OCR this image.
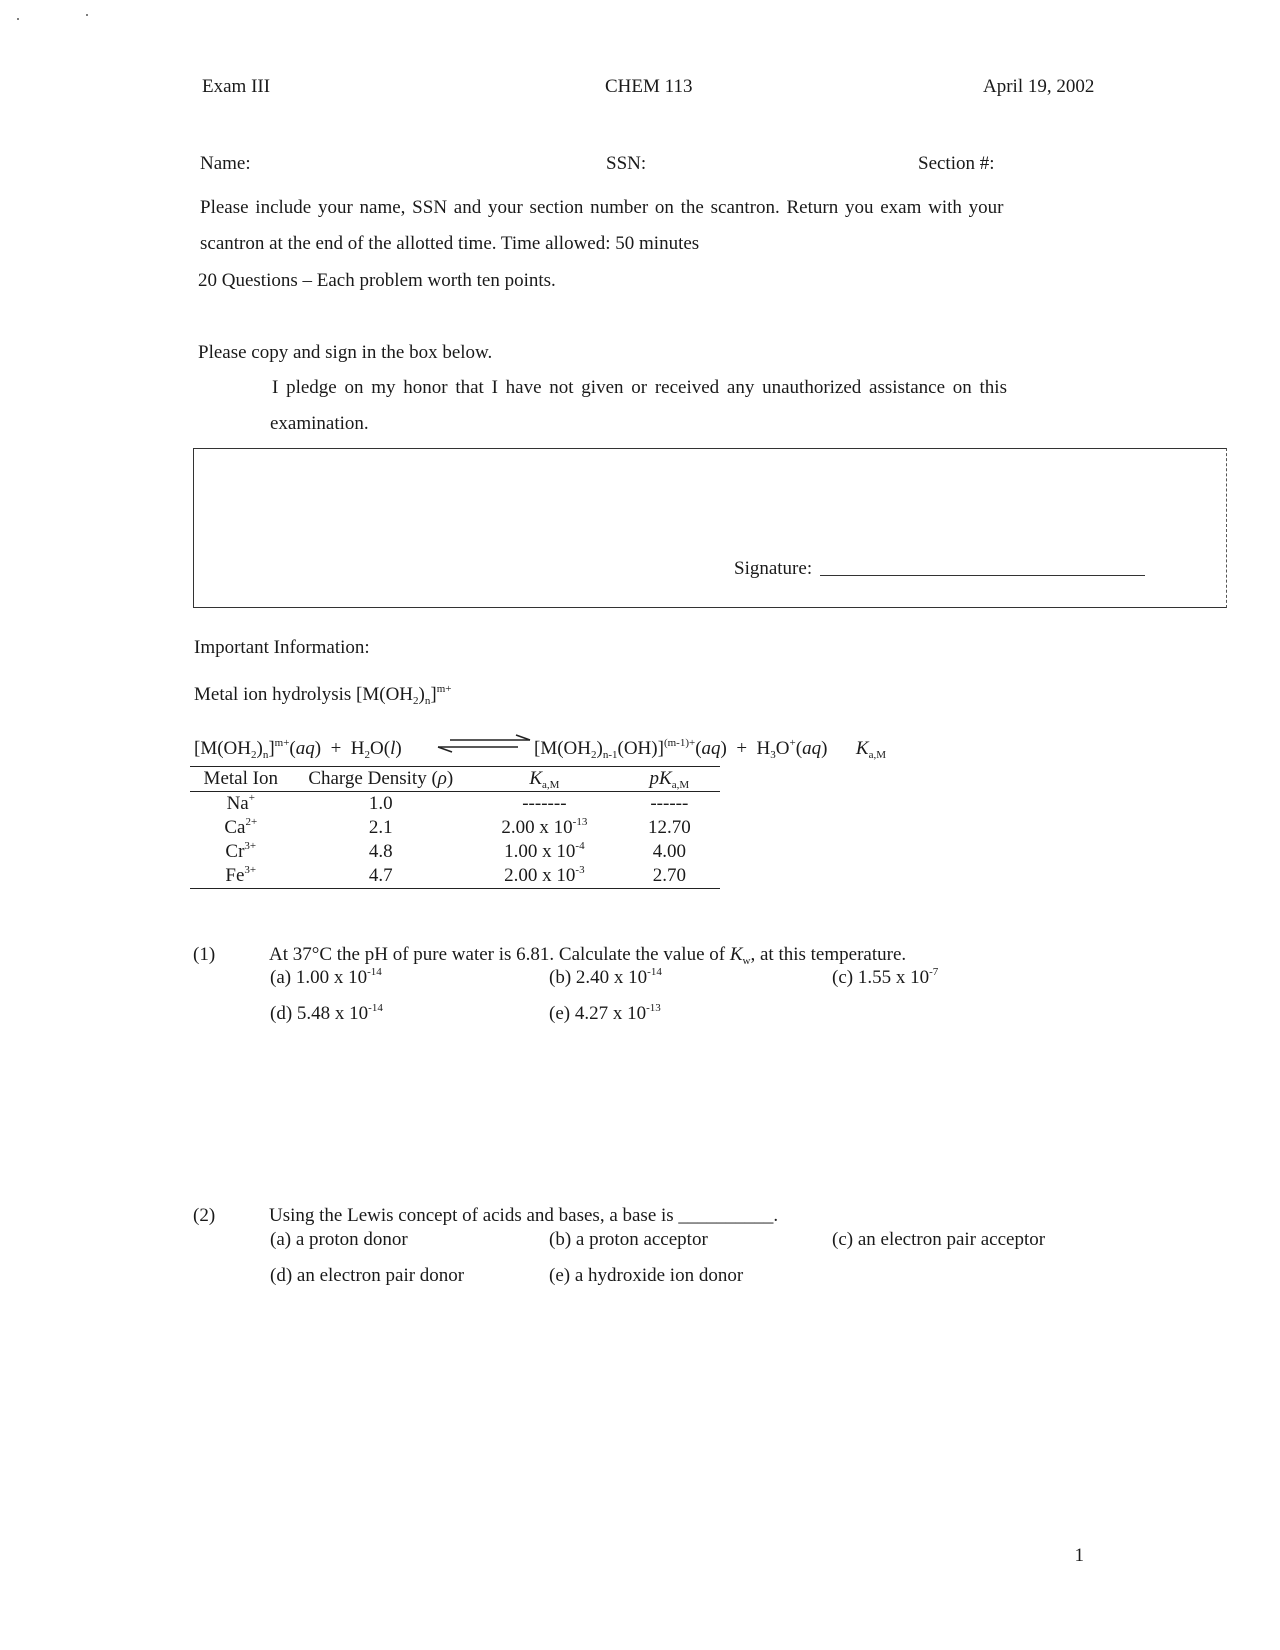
Exam III	CHEM 113	April 19, 2002
Name:	SSN:	Section #:
Please include your name, SSN and your section number on the scantron. Return you exam with your
scantron at the end of the allotted time. Time allowed: 50 minutes
20 Questions – Each problem worth ten points.
Please copy and sign in the box below.
I pledge on my honor that I have not given or received any unauthorized assistance on this
examination.
Signature:
Important Information:
Metal ion hydrolysis $[M(OH_2)_n]^{m+}$
$[M(OH_2)_n]^{m+}(aq) + H_2O(l)$	$[M(OH_2)_{n-1}(OH)]^{(m-1)+}(aq) + H_3O^+(aq)$      $K_{a,M}$
Metal Ion	Charge Density (ρ)	$K_{a,M}$	$pK_{a,M}$
Na+	1.0	-------	------
$Ca^{2+}$	2.1	2.00 x $10^{-13}$	12.70
$Cr^{3+}$	4.8	1.00 x $10^{-4}$	4.00
$Fe^{3+}$	4.7	2.00 x $10^{-3}$	2.70
(1)	At 37°C the pH of pure water is 6.81. Calculate the value of $K_w$, at this temperature.
(a) 1.00 x $10^{-14}$	(b) 2.40 x $10^{-14}$	(c) 1.55 x $10^{-7}$
(d) 5.48 x $10^{-14}$	(e) 4.27 x $10^{-13}$
(2)	Using the Lewis concept of acids and bases, a base is __________.
(a) a proton donor	(b) a proton acceptor	(c) an electron pair acceptor
(d) an electron pair donor	(e) a hydroxide ion donor
1
